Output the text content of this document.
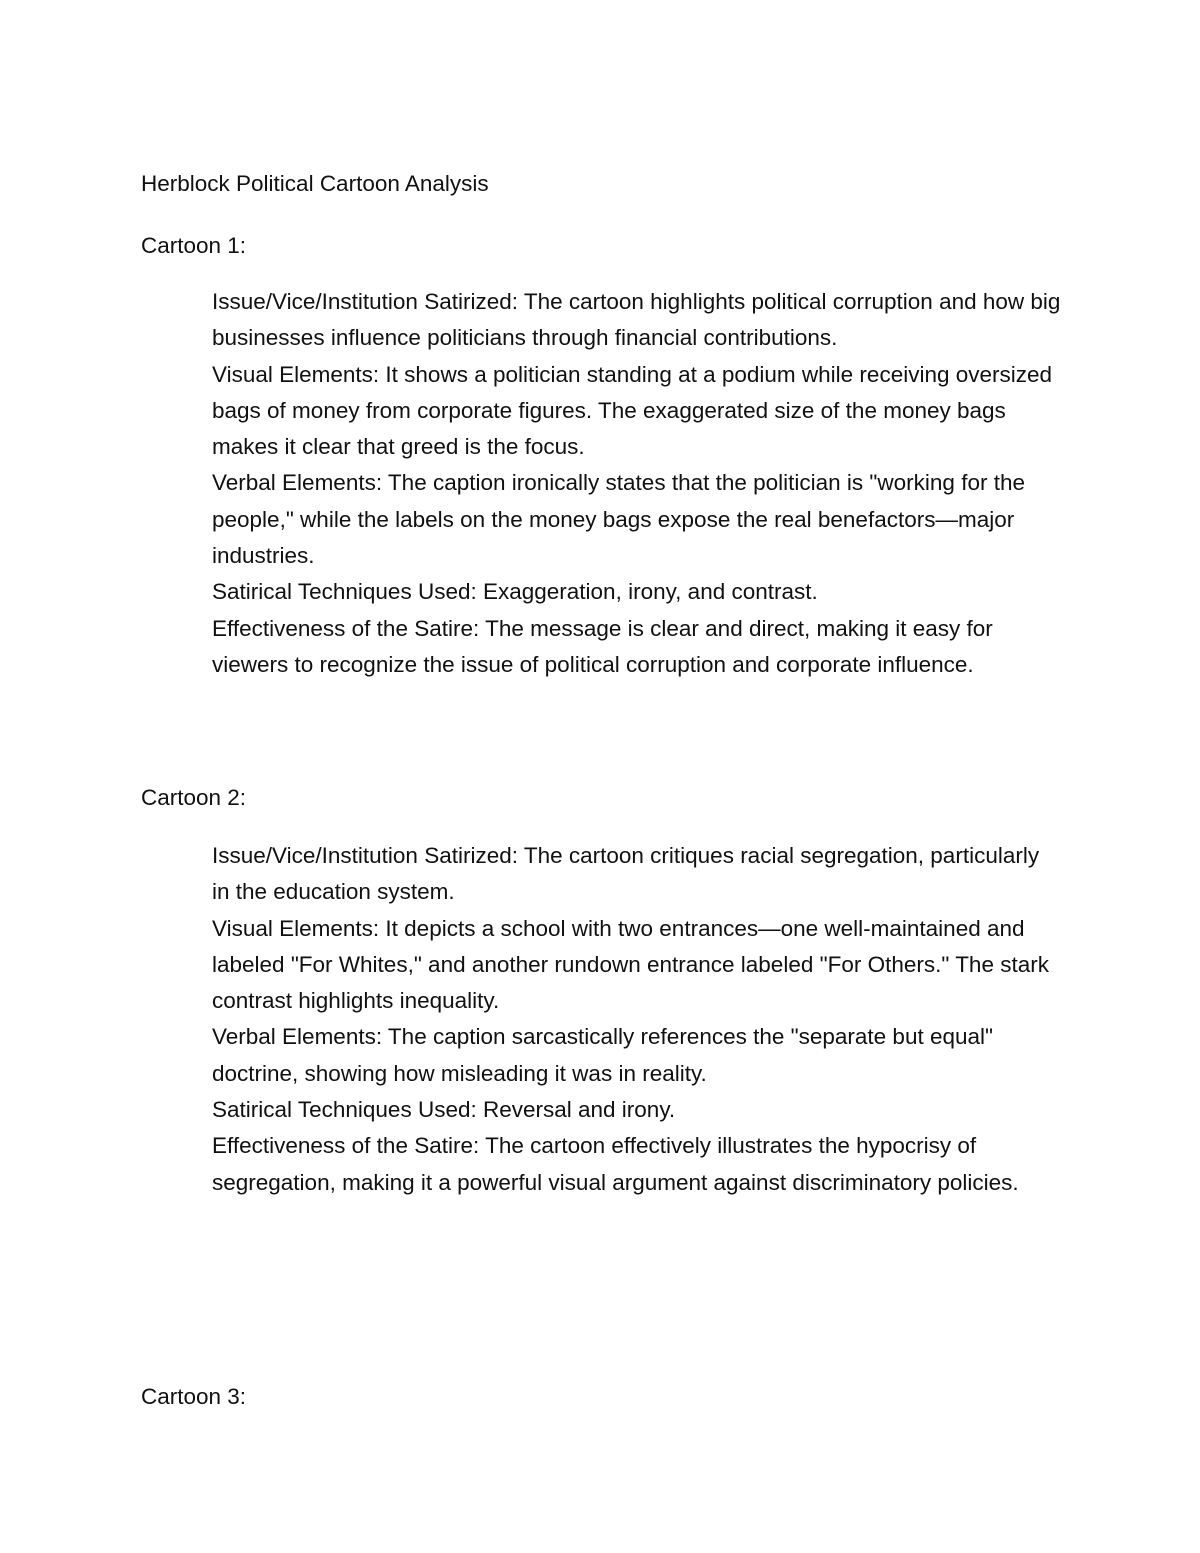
Herblock Political Cartoon Analysis
Cartoon 1:

Issue/Vice/Institution Satirized: The cartoon highlights political corruption and how big businesses influence politicians through financial contributions.

Visual Elements: It shows a politician standing at a podium while receiving oversized bags of money from corporate figures. The exaggerated size of the money bags makes it clear that greed is the focus.

Verbal Elements: The caption ironically states that the politician is "working for the people," while the labels on the money bags expose the real benefactors—major industries.

Satirical Techniques Used: Exaggeration, irony, and contrast.

Effectiveness of the Satire: The message is clear and direct, making it easy for viewers to recognize the issue of political corruption and corporate influence.

Cartoon 2:

Issue/Vice/Institution Satirized: The cartoon critiques racial segregation, particularly in the education system.

Visual Elements: It depicts a school with two entrances—one well-maintained and labeled "For Whites," and another rundown entrance labeled "For Others." The stark contrast highlights inequality.

Verbal Elements: The caption sarcastically references the "separate but equal" doctrine, showing how misleading it was in reality.

Satirical Techniques Used: Reversal and irony.

Effectiveness of the Satire: The cartoon effectively illustrates the hypocrisy of segregation, making it a powerful visual argument against discriminatory policies.

Cartoon 3:
